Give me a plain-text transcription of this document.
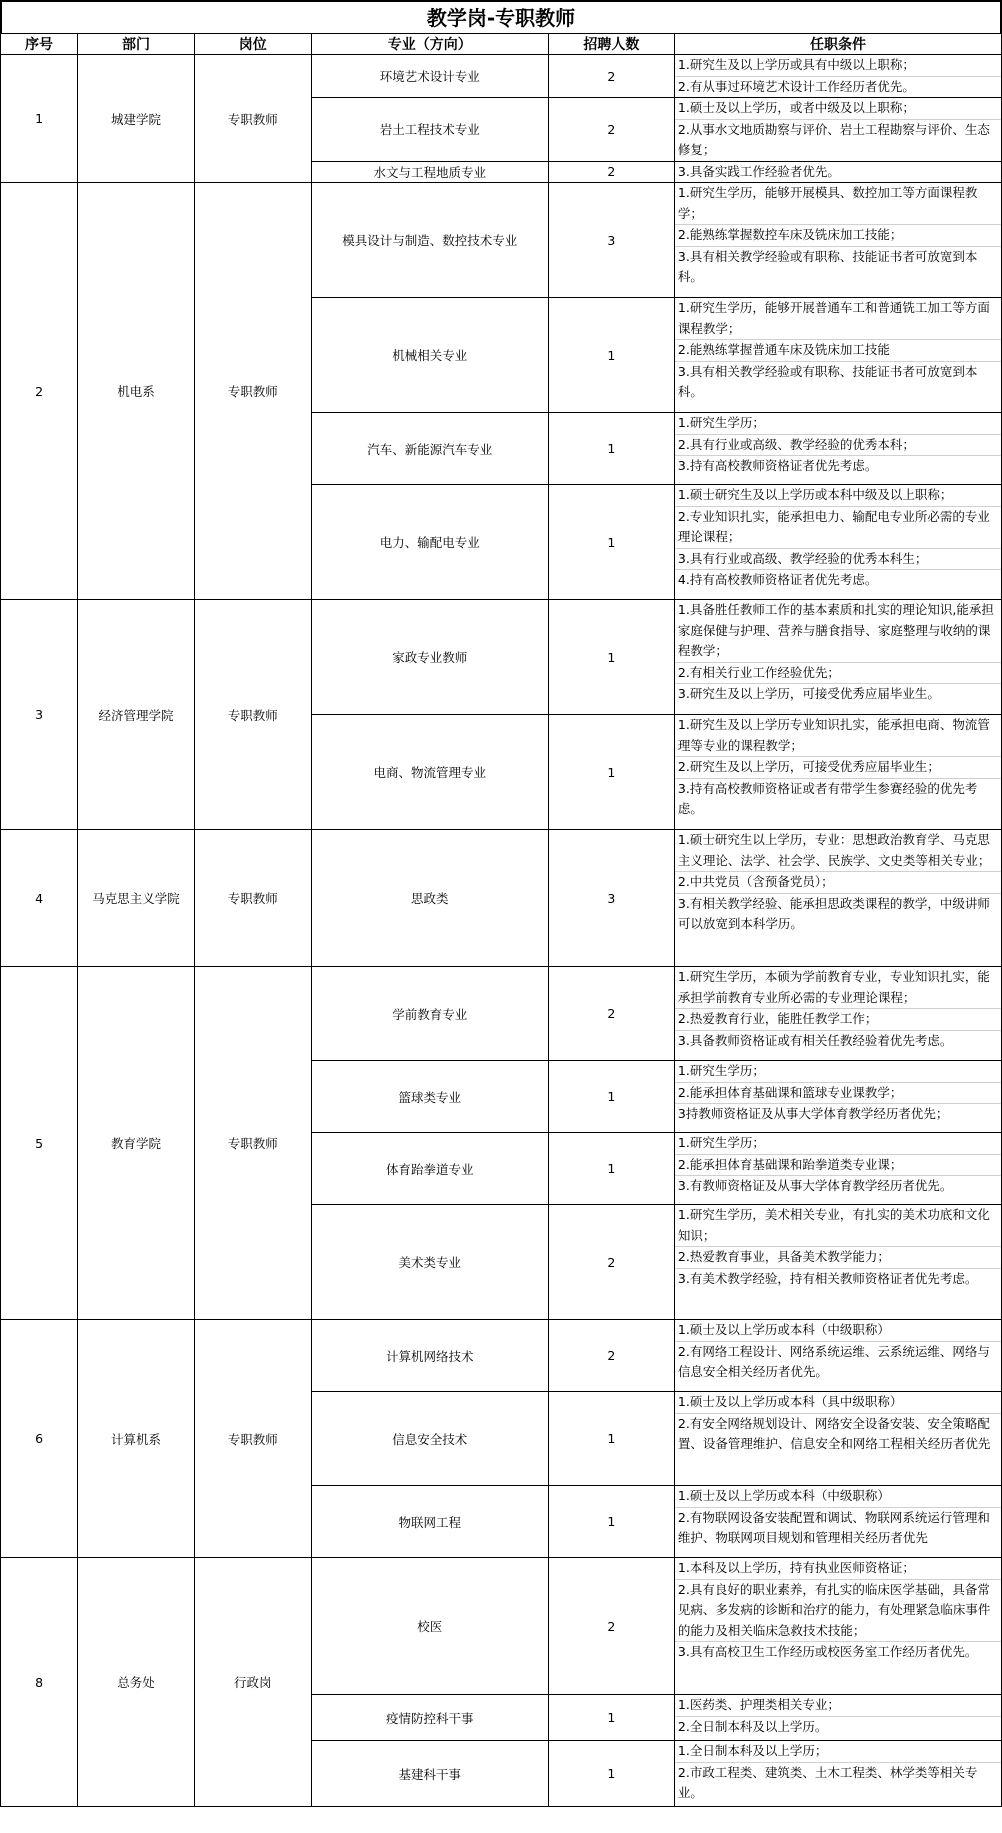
教学岗-专职教师
序号	部门	岗位	专业（方向）	招聘人数	任职条件
1	城建学院	专职教师	环境艺术设计专业	2	1.研究生及以上学历或具有中级以上职称；
2.有从事过环境艺术设计工作经历者优先。

			岩土工程技术专业	2	1.硕士及以上学历，或者中级及以上职称；
2.从事水文地质勘察与评价、岩土工程勘察与评价、生态修复；

			水文与工程地质专业	2	3.具备实践工作经验者优先。

2	机电系	专职教师	模具设计与制造、数控技术专业	3	1.研究生学历，能够开展模具、数控加工等方面课程教学；
2.能熟练掌握数控车床及铣床加工技能；
3.具有相关教学经验或有职称、技能证书者可放宽到本科。

			机械相关专业	1	1.研究生学历，能够开展普通车工和普通铣工加工等方面课程教学；
2.能熟练掌握普通车床及铣床加工技能
3.具有相关教学经验或有职称、技能证书者可放宽到本科。

			汽车、新能源汽车专业	1	1.研究生学历；
2.具有行业或高级、教学经验的优秀本科；
3.持有高校教师资格证者优先考虑。

			电力、输配电专业	1	1.硕士研究生及以上学历或本科中级及以上职称；
2.专业知识扎实，能承担电力、输配电专业所必需的专业理论课程；
3.具有行业或高级、教学经验的优秀本科生；
4.持有高校教师资格证者优先考虑。

3	经济管理学院	专职教师	家政专业教师	1	1.具备胜任教师工作的基本素质和扎实的理论知识,能承担家庭保健与护理、营养与膳食指导、家庭整理与收纳的课程教学；
2.有相关行业工作经验优先；
3.研究生及以上学历，可接受优秀应届毕业生。

			电商、物流管理专业	1	1.研究生及以上学历专业知识扎实，能承担电商、物流管理等专业的课程教学；
2.研究生及以上学历，可接受优秀应届毕业生；
3.持有高校教师资格证或者有带学生参赛经验的优先考虑。

4	马克思主义学院	专职教师	思政类	3	1.硕士研究生以上学历，专业：思想政治教育学、马克思主义理论、法学、社会学、民族学、文史类等相关专业；
2.中共党员（含预备党员）；
3.有相关教学经验、能承担思政类课程的教学，中级讲师可以放宽到本科学历。

5	教育学院	专职教师	学前教育专业	2	1.研究生学历，本硕为学前教育专业，专业知识扎实，能承担学前教育专业所必需的专业理论课程；
2.热爱教育行业，能胜任教学工作；
3.具备教师资格证或有相关任教经验着优先考虑。

			篮球类专业	1	1.研究生学历；
2.能承担体育基础课和篮球专业课教学；
3持教师资格证及从事大学体育教学经历者优先；

			体育跆拳道专业	1	1.研究生学历；
2.能承担体育基础课和跆拳道类专业课；
3.有教师资格证及从事大学体育教学经历者优先。

			美术类专业	2	1.研究生学历，美术相关专业，有扎实的美术功底和文化知识；
2.热爱教育事业，具备美术教学能力；
3.有美术教学经验，持有相关教师资格证者优先考虑。

6	计算机系	专职教师	计算机网络技术	2	1.硕士及以上学历或本科（中级职称）
2.有网络工程设计、网络系统运维、云系统运维、网络与信息安全相关经历者优先。

			信息安全技术	1	1.硕士及以上学历或本科（具中级职称）
2.有安全网络规划设计、网络安全设备安装、安全策略配置、设备管理维护、信息安全和网络工程相关经历者优先

			物联网工程	1	1.硕士及以上学历或本科（中级职称）
2.有物联网设备安装配置和调试、物联网系统运行管理和维护、物联网项目规划和管理相关经历者优先

8	总务处	行政岗	校医	2	1.本科及以上学历，持有执业医师资格证；
2.具有良好的职业素养，有扎实的临床医学基础，具备常见病、多发病的诊断和治疗的能力，有处理紧急临床事件的能力及相关临床急救技术技能；
3.具有高校卫生工作经历或校医务室工作经历者优先。

			疫情防控科干事	1	1.医药类、护理类相关专业；
2.全日制本科及以上学历。

			基建科干事	1	1.全日制本科及以上学历；
2.市政工程类、建筑类、土木工程类、林学类等相关专业。
